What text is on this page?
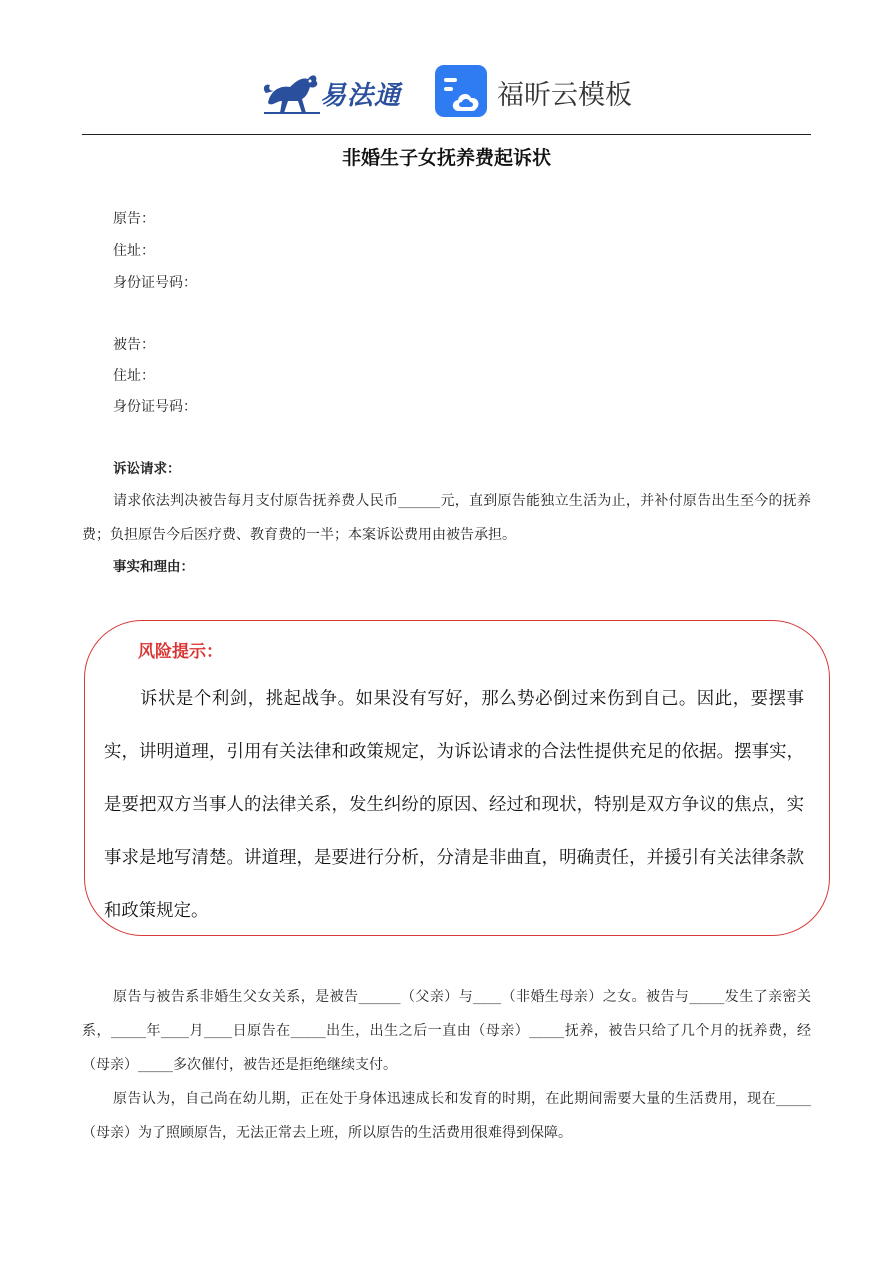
易法通	福昕云模板
非婚生子女抚养费起诉状
原告：
住址：
身份证号码：
被告：
住址：
身份证号码：
诉讼请求：
请求依法判决被告每月支付原告抚养费人民币______元，直到原告能独立生活为止，并补付原告出生至今的抚养费；负担原告今后医疗费、教育费的一半；本案诉讼费用由被告承担。
事实和理由：
风险提示：
诉状是个利剑，挑起战争。如果没有写好，那么势必倒过来伤到自己。因此，要摆事实，讲明道理，引用有关法律和政策规定，为诉讼请求的合法性提供充足的依据。摆事实，是要把双方当事人的法律关系，发生纠纷的原因、经过和现状，特别是双方争议的焦点，实事求是地写清楚。讲道理，是要进行分析，分清是非曲直，明确责任，并援引有关法律条款和政策规定。
原告与被告系非婚生父女关系，是被告______（父亲）与____（非婚生母亲）之女。被告与_____发生了亲密关系，_____年____月____日原告在_____出生，出生之后一直由（母亲）_____抚养，被告只给了几个月的抚养费，经（母亲）_____多次催付，被告还是拒绝继续支付。
原告认为，自己尚在幼儿期，正在处于身体迅速成长和发育的时期，在此期间需要大量的生活费用，现在_____（母亲）为了照顾原告，无法正常去上班，所以原告的生活费用很难得到保障。
